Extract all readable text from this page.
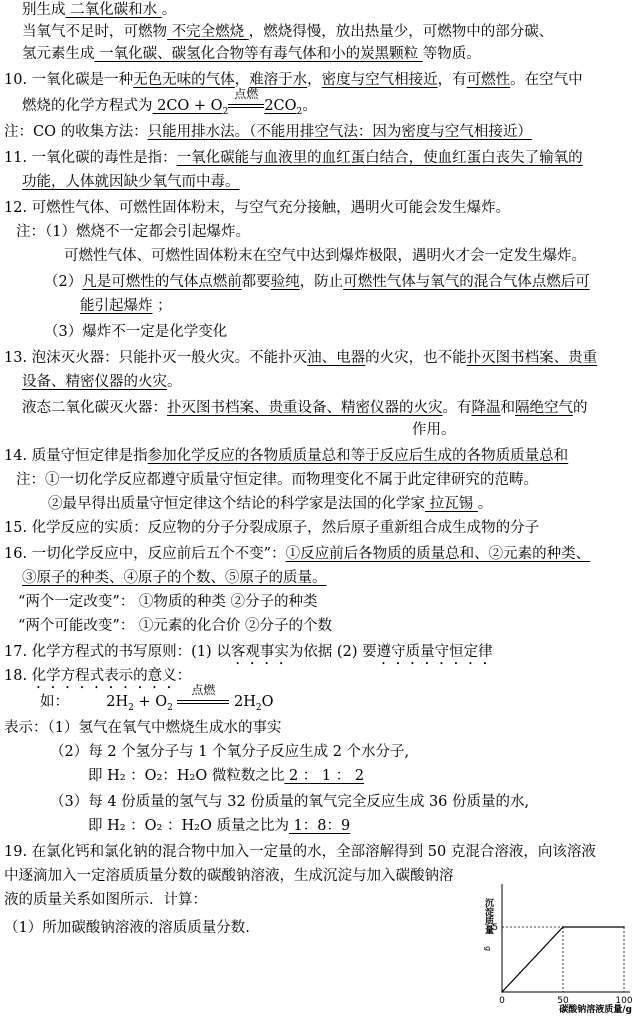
别生成 二氧化碳和水 。
当氧气不足时，可燃物 不完全燃烧 ，燃烧得慢，放出热量少，可燃物中的部分碳、
氢元素生成 一氧化碳、碳氢化合物等有毒气体和小的炭黑颗粒 等物质。
10. 一氧化碳是一种无色无味的气体，难溶于水，密度与空气相接近，有可燃性。在空气中
燃烧的化学方程式为 $2CO + O_2$
点燃
$2CO_2$。
注：CO 的收集方法：只能用排水法。（不能用排空气法：因为密度与空气相接近）
11. 一氧化碳的毒性是指：一氧化碳能与血液里的血红蛋白结合，使血红蛋白丧失了输氧的
功能，人体就因缺少氧气而中毒。
12. 可燃性气体、可燃性固体粉末，与空气充分接触，遇明火可能会发生爆炸。
注：（1）燃烧不一定都会引起爆炸。
可燃性气体、可燃性固体粉末在空气中达到爆炸极限，遇明火才会一定发生爆炸。
（2）凡是可燃性的气体点燃前都要验纯，防止可燃性气体与氧气的混合气体点燃后可
能引起爆炸 ；
（3）爆炸不一定是化学变化
13. 泡沫灭火器：只能扑灭一般火灾。不能扑灭油、电器的火灾，也不能扑灭图书档案、贵重
设备、精密仪器的火灾。
液态二氧化碳灭火器：扑灭图书档案、贵重设备、精密仪器的火灾。有降温和隔绝空气的
作用。
14. 质量守恒定律是指参加化学反应的各物质质量总和等于反应后生成的各物质质量总和
注：①一切化学反应都遵守质量守恒定律。而物理变化不属于此定律研究的范畴。
②最早得出质量守恒定律这个结论的科学家是法国的化学家 拉瓦锡 。
15. 化学反应的实质：反应物的分子分裂成原子，然后原子重新组合成生成物的分子
16. 一切化学反应中，反应前后五个不变”：①反应前后各物质的质量总和、②元素的种类、
③原子的种类、④原子的个数、⑤原子的质量。
“两个一定改变”： ①物质的种类 ②分子的种类
“两个可能改变”： ①元素的化合价 ②分子的个数
17. 化学方程式的书写原则：(1) 以客观事实为依据 (2) 要遵守质量守恒定律
18. 化学方程式表示的意义：
如：	$2H_2 + O_2$
点燃
$2H_2O$
表示：（1）氢气在氧气中燃烧生成水的事实
（2）每 2 个氢分子与 1 个氧分子反应生成 2 个水分子,
即 H₂ ：O₂：H₂O 微粒数之比 2 ： 1 ： 2
（3）每 4 份质量的氢气与 32 份质量的氧气完全反应生成 36 份质量的水,
即 H₂ ：O₂ ：H₂O 质量之比为 1：8：9
19. 在氯化钙和氯化钠的混合物中加入一定量的水，全部溶解得到 50 克混合溶液，向该溶液
中逐滴加入一定溶质质量分数的碳酸钠溶液，生成沉淀与加入碳酸钠溶
液的质量关系如图所示．计算：
（1）所加碳酸钠溶液的溶质质量分数.
0	50	100
5
沉淀质量
g
碳酸钠溶液质量/g
